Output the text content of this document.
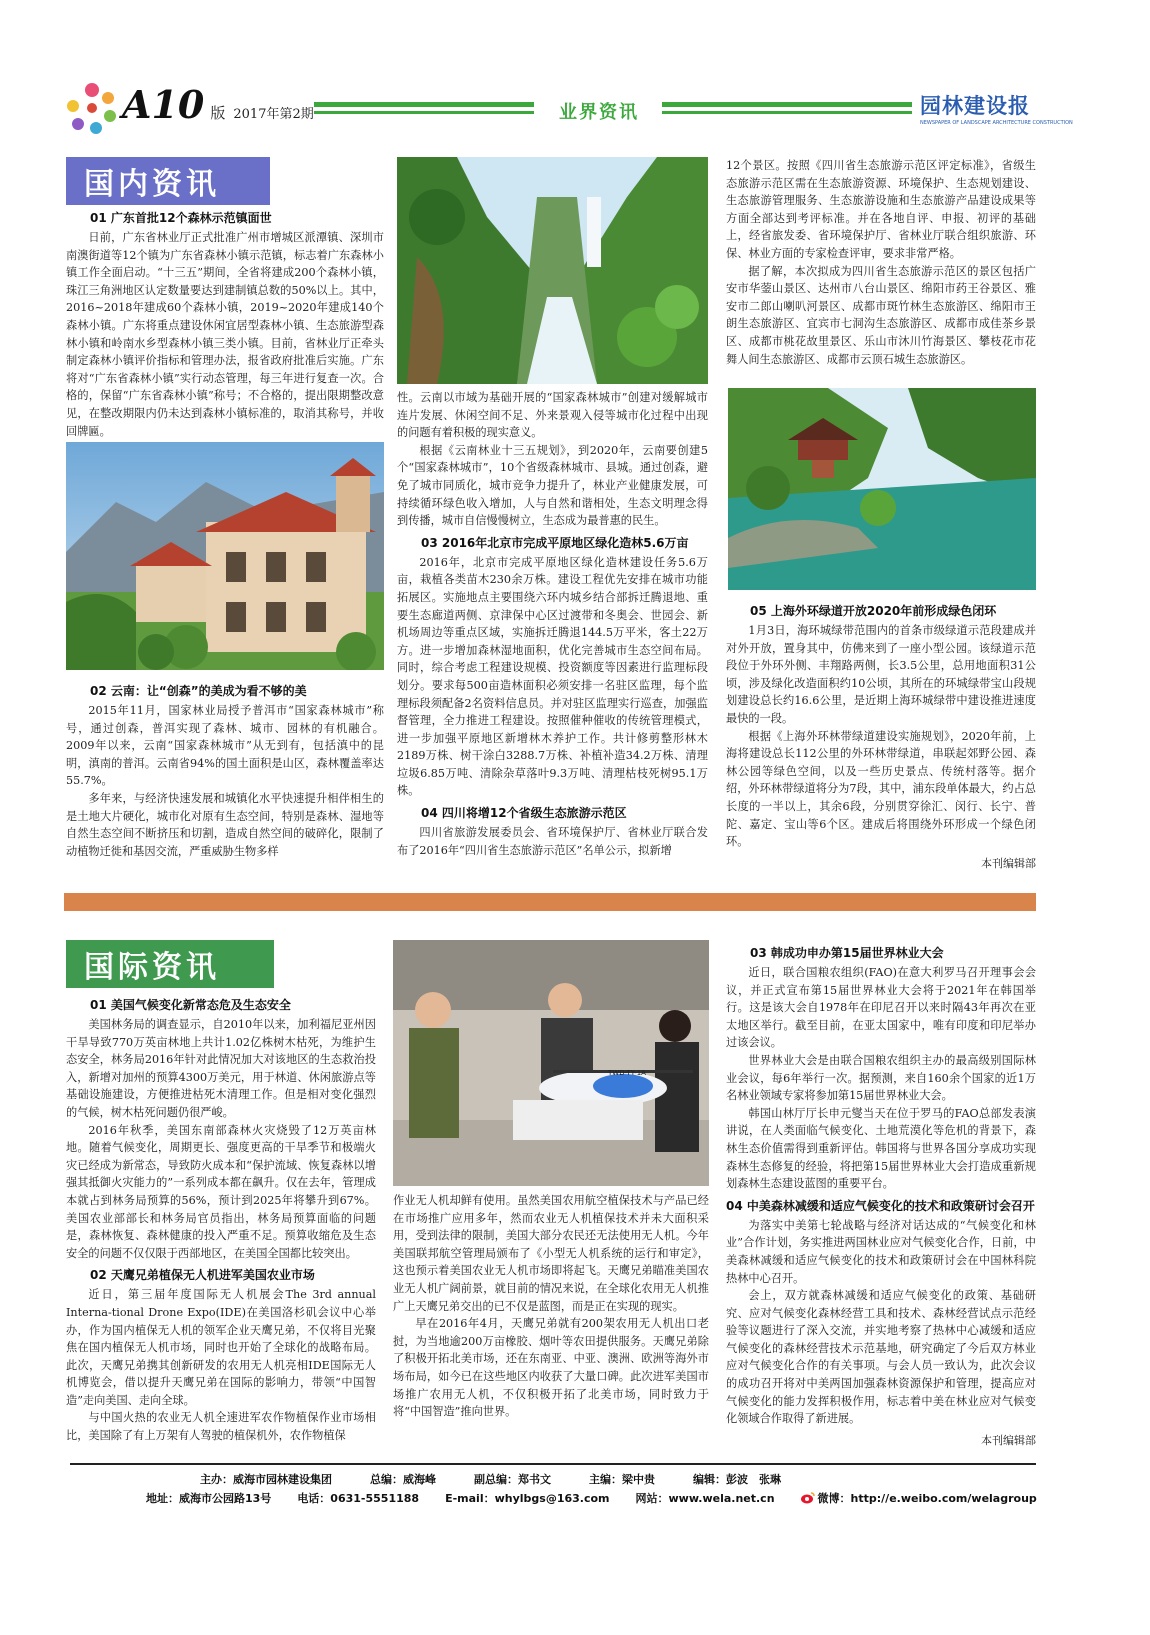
A10 版 2017年第2期	业界资讯	园林建设报
NEWSPAPER OF LANDSCAPE ARCHITECTURE CONSTRUCTION
国内资讯
01 广东首批12个森林示范镇面世

日前，广东省林业厅正式批准广州市增城区派潭镇、深圳市南澳街道等12个镇为广东省森林小镇示范镇，标志着广东森林小镇工作全面启动。“十三五”期间，全省将建成200个森林小镇，珠江三角洲地区认定数量要达到建制镇总数的50%以上。其中，2016~2018年建成60个森林小镇，2019~2020年建成140个森林小镇。广东将重点建设休闲宜居型森林小镇、生态旅游型森林小镇和岭南水乡型森林小镇三类小镇。目前，省林业厅正牵头制定森林小镇评价指标和管理办法，报省政府批准后实施。广东将对“广东省森林小镇”实行动态管理，每三年进行复查一次。合格的，保留“广东省森林小镇”称号；不合格的，提出限期整改意见，在整改期限内仍未达到森林小镇标准的，取消其称号，并收回牌匾。

02 云南：让“创森”的美成为看不够的美

2015年11月，国家林业局授予普洱市“国家森林城市”称号，通过创森，普洱实现了森林、城市、园林的有机融合。2009年以来，云南“国家森林城市”从无到有，包括滇中的昆明，滇南的普洱。云南省94%的国土面积是山区，森林覆盖率达55.7%。

多年来，与经济快速发展和城镇化水平快速提升相伴相生的是土地大片硬化，城市化对原有生态空间，特别是森林、湿地等自然生态空间不断挤压和切割，造成自然空间的破碎化，限制了动植物迁徙和基因交流，严重威胁生物多样

性。云南以市域为基础开展的“国家森林城市”创建对缓解城市连片发展、休闲空间不足、外来景观入侵等城市化过程中出现的问题有着积极的现实意义。

根据《云南林业十三五规划》，到2020年，云南要创建5个“国家森林城市”，10个省级森林城市、县城。通过创森，避免了城市同质化，城市竞争力提升了，林业产业健康发展，可持续循环绿色收入增加，人与自然和谐相处，生态文明理念得到传播，城市自信慢慢树立，生态成为最普惠的民生。

03 2016年北京市完成平原地区绿化造林5.6万亩

2016年，北京市完成平原地区绿化造林建设任务5.6万亩，栽植各类苗木230余万株。建设工程优先安排在城市功能拓展区。实施地点主要围绕六环内城乡结合部拆迁腾退地、重要生态廊道两侧、京津保中心区过渡带和冬奥会、世园会、新机场周边等重点区域，实施拆迁腾退144.5万平米，客土22万方。进一步增加森林湿地面积，优化完善城市生态空间布局。同时，综合考虑工程建设规模、投资额度等因素进行监理标段划分。要求每500亩造林面积必须安排一名驻区监理，每个监理标段须配备2名资料信息员。并对驻区监理实行巡查，加强监督管理，全力推进工程建设。按照催种催收的传统管理模式，进一步加强平原地区新增林木养护工作。共计修剪整形林木2189万株、树干涂白3288.7万株、补植补造34.2万株、清理垃圾6.85万吨、清除杂草落叶9.3万吨、清理枯枝死树95.1万株。

04 四川将增12个省级生态旅游示范区

四川省旅游发展委员会、省环境保护厅、省林业厅联合发布了2016年“四川省生态旅游示范区”名单公示，拟新增

12个景区。按照《四川省生态旅游示范区评定标准》，省级生态旅游示范区需在生态旅游资源、环境保护、生态规划建设、生态旅游管理服务、生态旅游设施和生态旅游产品建设成果等方面全部达到考评标准。并在各地自评、申报、初评的基础上，经省旅发委、省环境保护厅、省林业厅联合组织旅游、环保、林业方面的专家检查评审，要求非常严格。

据了解，本次拟成为四川省生态旅游示范区的景区包括广安市华蓥山景区、达州市八台山景区、绵阳市药王谷景区、雅安市二郎山喇叭河景区、成都市斑竹林生态旅游区、绵阳市王朗生态旅游区、宜宾市七洞沟生态旅游区、成都市成佳茶乡景区、成都市桃花故里景区、乐山市沐川竹海景区、攀枝花市花舞人间生态旅游区、成都市云顶石城生态旅游区。

05 上海外环绿道开放2020年前形成绿色闭环

1月3日，海环城绿带范围内的首条市级绿道示范段建成并对外开放，置身其中，仿佛来到了一座小型公园。该绿道示范段位于外环外侧、丰翔路两侧，长3.5公里，总用地面积31公顷，涉及绿化改造面积约10公顷，其所在的环城绿带宝山段规划建设总长约16.6公里，是近期上海环城绿带中建设推进速度最快的一段。

根据《上海外环林带绿道建设实施规划》，2020年前，上海将建设总长112公里的外环林带绿道，串联起郊野公园、森林公园等绿色空间，以及一些历史景点、传统村落等。据介绍，外环林带绿道将分为7段，其中，浦东段单体最大，约占总长度的一半以上，其余6段，分别贯穿徐汇、闵行、长宁、普陀、嘉定、宝山等6个区。建成后将围绕外环形成一个绿色闭环。

本刊编辑部

国际资讯
01 美国气候变化新常态危及生态安全

美国林务局的调查显示，自2010年以来，加利福尼亚州因干旱导致770万英亩林地上共计1.02亿株树木枯死，为维护生态安全，林务局2016年针对此情况加大对该地区的生态救治投入，新增对加州的预算4300万美元，用于林道、休闲旅游点等基础设施建设，方便推进枯死木清理工作。但是相对变化强烈的气候，树木枯死问题仍很严峻。

2016年秋季，美国东南部森林火灾烧毁了12万英亩林地。随着气候变化，周期更长、强度更高的干旱季节和极端火灾已经成为新常态，导致防火成本和“保护流域、恢复森林以增强其抵御火灾能力的”一系列成本都在飙升。仅在去年，管理成本就占到林务局预算的56%，预计到2025年将攀升到67%。美国农业部部长和林务局官员指出，林务局预算面临的问题是，森林恢复、森林健康的投入严重不足。预算收缩危及生态安全的问题不仅仅限于西部地区，在美国全国都比较突出。

02 天鹰兄弟植保无人机进军美国农业市场

近日，第三届年度国际无人机展会The 3rd annual Interna-tional Drone Expo(IDE)在美国洛杉矶会议中心举办，作为国内植保无人机的领军企业天鹰兄弟，不仅将目光聚焦在国内植保无人机市场，同时也开始了全球化的战略布局。此次，天鹰兄弟携其创新研发的农用无人机亮相IDE国际无人机博览会，借以提升天鹰兄弟在国际的影响力，带领“中国智造”走向美国、走向全球。

与中国火热的农业无人机全速进军农作物植保作业市场相比，美国除了有上万架有人驾驶的植保机外，农作物植保

TWD-TY-1A

作业无人机却鲜有使用。虽然美国农用航空植保技术与产品已经在市场推广应用多年，然而农业无人机植保技术并未大面积采用，受到法律的限制，美国大部分农民还无法使用无人机。今年美国联邦航空管理局颁布了《小型无人机系统的运行和审定》，这也预示着美国农业无人机市场即将起飞。天鹰兄弟瞄准美国农业无人机广阔前景，就目前的情况来说，在全球化农用无人机推广上天鹰兄弟交出的已不仅是蓝图，而是正在实现的现实。

早在2016年4月，天鹰兄弟就有200架农用无人机出口老挝，为当地逾200万亩橡胶、烟叶等农田提供服务。天鹰兄弟除了积极开拓北美市场，还在东南亚、中亚、澳洲、欧洲等海外市场布局，如今已在这些地区内收获了大量口碑。此次进军美国市场推广农用无人机，不仅积极开拓了北美市场，同时致力于将“中国智造”推向世界。

03 韩成功申办第15届世界林业大会

近日，联合国粮农组织(FAO)在意大利罗马召开理事会会议，并正式宣布第15届世界林业大会将于2021年在韩国举行。这是该大会自1978年在印尼召开以来时隔43年再次在亚太地区举行。截至目前，在亚太国家中，唯有印度和印尼举办过该会议。

世界林业大会是由联合国粮农组织主办的最高级别国际林业会议，每6年举行一次。据预测，来自160余个国家的近1万名林业领域专家将参加第15届世界林业大会。

韩国山林厅厅长申元燮当天在位于罗马的FAO总部发表演讲说，在人类面临气候变化、土地荒漠化等危机的背景下，森林生态价值需得到重新评估。韩国将与世界各国分享成功实现森林生态修复的经验，将把第15届世界林业大会打造成重新规划森林生态建设蓝图的重要平台。

04 中美森林减缓和适应气候变化的技术和政策研讨会召开

为落实中美第七轮战略与经济对话达成的“气候变化和林业”合作计划，务实推进两国林业应对气候变化合作，日前，中美森林减缓和适应气候变化的技术和政策研讨会在中国林科院热林中心召开。

会上，双方就森林减缓和适应气候变化的政策、基础研究、应对气候变化森林经营工具和技术、森林经营试点示范经验等议题进行了深入交流，并实地考察了热林中心减缓和适应气候变化的森林经营技术示范基地，研究确定了今后双方林业应对气候变化合作的有关事项。与会人员一致认为，此次会议的成功召开将对中美两国加强森林资源保护和管理，提高应对气候变化的能力发挥积极作用，标志着中美在林业应对气候变化领域合作取得了新进展。

本刊编辑部

主办：威海市园林建设集团	总编：威海峰	副总编：郑书文	主编：梁中贵	编辑：彭波　张琳
地址：威海市公园路13号 电话：0631-5551188 E-mail：whylbgs@163.com 网站：www.wela.net.cn	微博：http://e.weibo.com/welagroup
